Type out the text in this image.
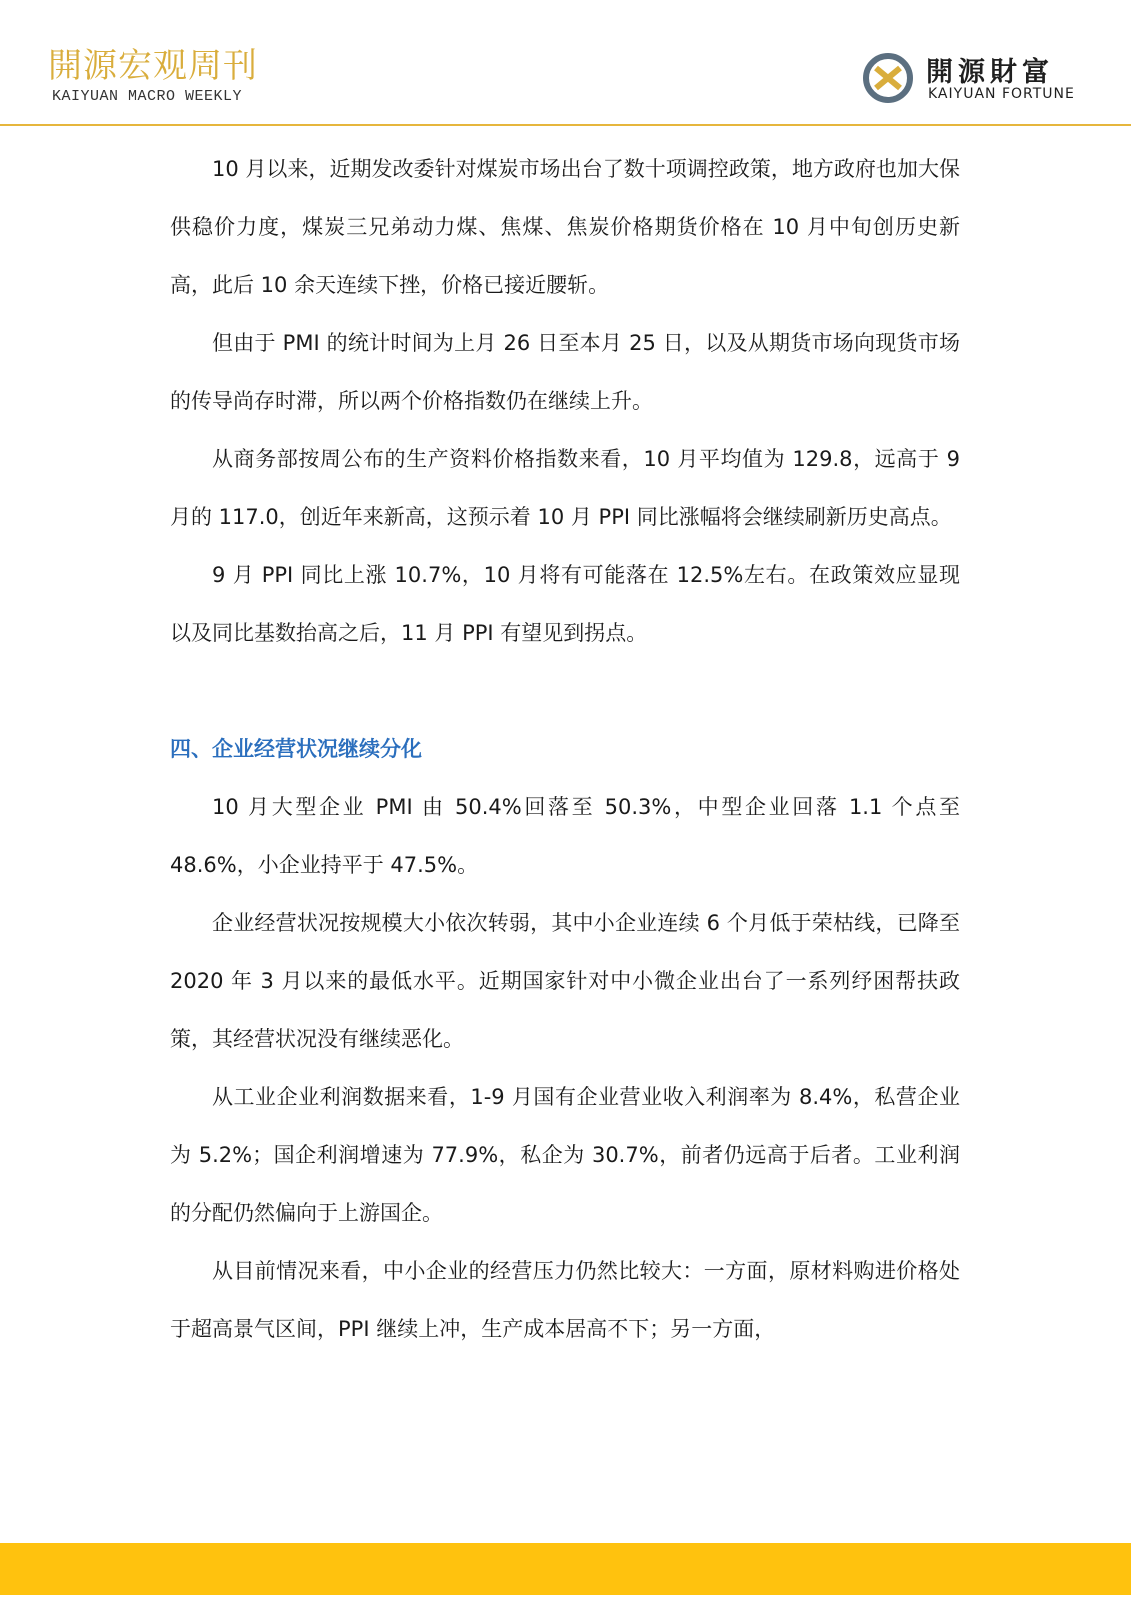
開源宏观周刊
KAIYUAN MACRO WEEKLY
開源財富
KAIYUAN FORTUNE

10 月以来，近期发改委针对煤炭市场出台了数十项调控政策，地方政府也加大保供稳价力度，煤炭三兄弟动力煤、焦煤、焦炭价格期货价格在 10 月中旬创历史新高，此后 10 余天连续下挫，价格已接近腰斩。

但由于 PMI 的统计时间为上月 26 日至本月 25 日，以及从期货市场向现货市场的传导尚存时滞，所以两个价格指数仍在继续上升。

从商务部按周公布的生产资料价格指数来看，10 月平均值为 129.8，远高于 9 月的 117.0，创近年来新高，这预示着 10 月 PPI 同比涨幅将会继续刷新历史高点。

9 月 PPI 同比上涨 10.7%，10 月将有可能落在 12.5%左右。在政策效应显现以及同比基数抬高之后，11 月 PPI 有望见到拐点。

四、企业经营状况继续分化

10 月大型企业 PMI 由 50.4%回落至 50.3%，中型企业回落 1.1 个点至 48.6%，小企业持平于 47.5%。

企业经营状况按规模大小依次转弱，其中小企业连续 6 个月低于荣枯线，已降至 2020 年 3 月以来的最低水平。近期国家针对中小微企业出台了一系列纾困帮扶政策，其经营状况没有继续恶化。

从工业企业利润数据来看，1-9 月国有企业营业收入利润率为 8.4%，私营企业为 5.2%；国企利润增速为 77.9%，私企为 30.7%，前者仍远高于后者。工业利润的分配仍然偏向于上游国企。

从目前情况来看，中小企业的经营压力仍然比较大：一方面，原材料购进价格处于超高景气区间，PPI 继续上冲，生产成本居高不下；另一方面，
